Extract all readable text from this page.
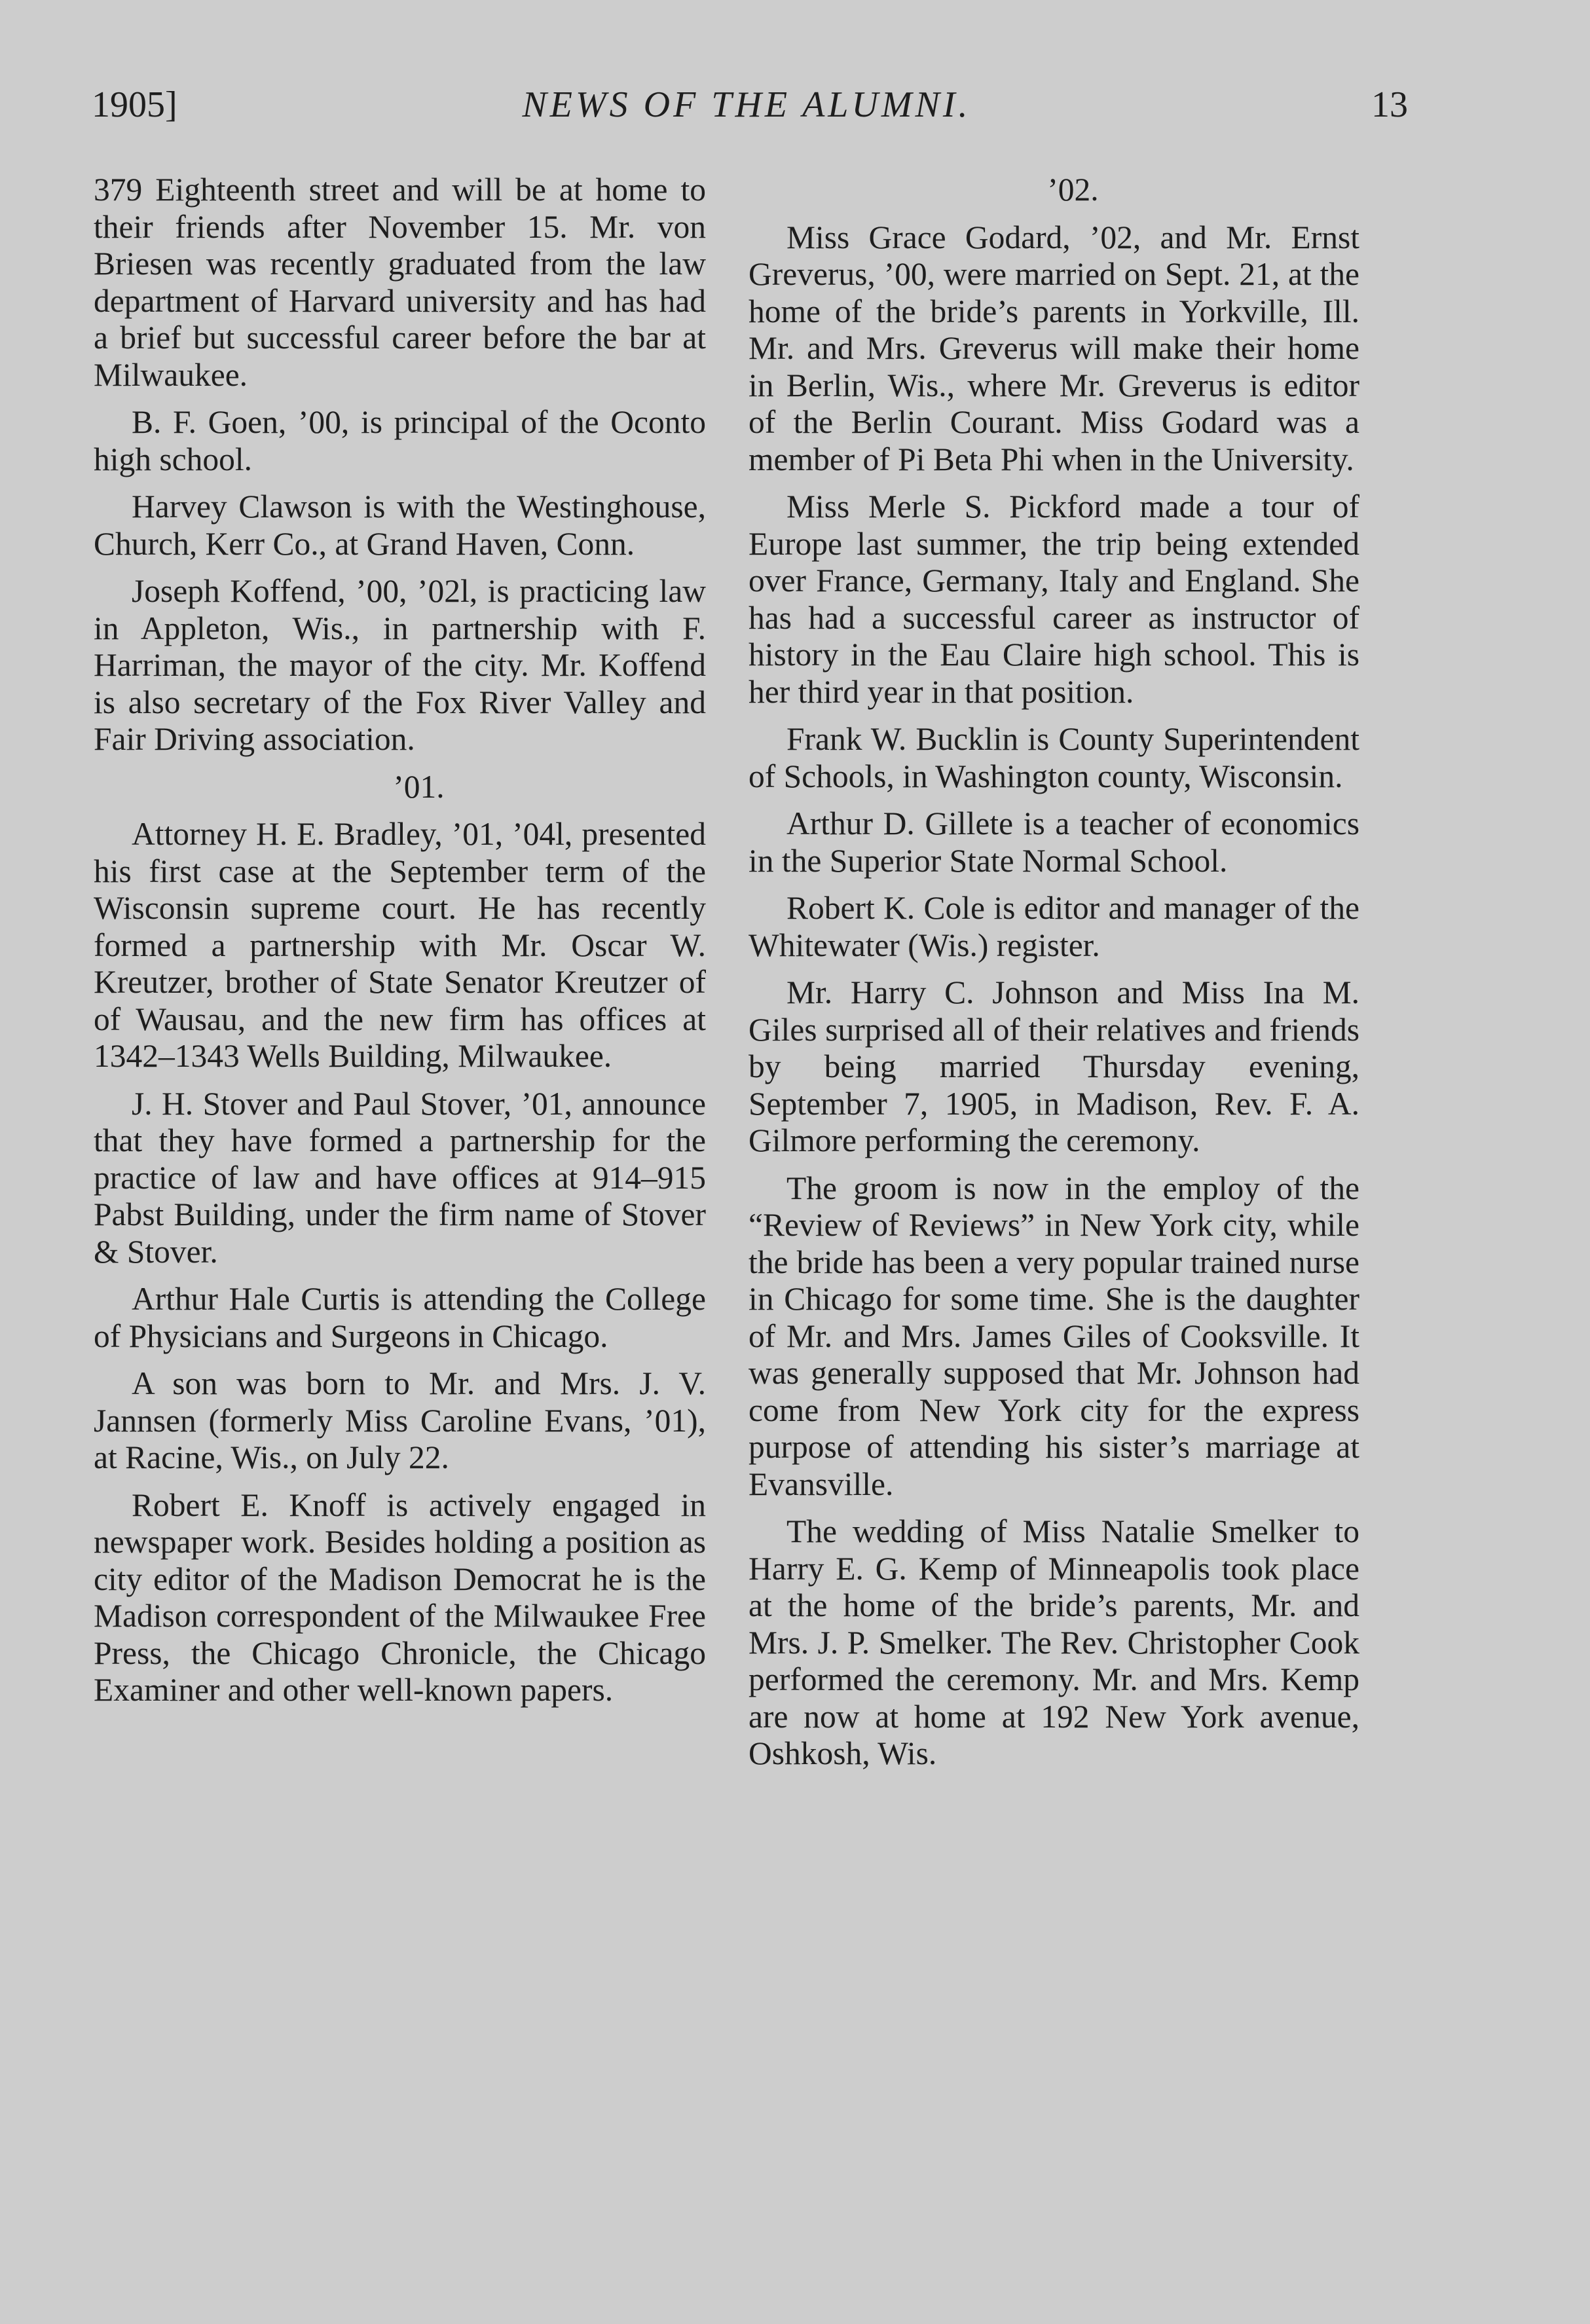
1905]	NEWS OF THE ALUMNI.	13

379 Eighteenth street and will be at home to their friends after November 15. Mr. von Briesen was recently graduated from the law department of Harvard university and has had a brief but successful career before the bar at Milwaukee.

B. F. Goen, ’00, is principal of the Oconto high school.

Harvey Clawson is with the Westinghouse, Church, Kerr Co., at Grand Haven, Conn.

Joseph Koffend, ’00, ’02l, is practicing law in Appleton, Wis., in partnership with F. Harriman, the mayor of the city. Mr. Koffend is also secretary of the Fox River Valley and Fair Driving association.

’01.

Attorney H. E. Bradley, ’01, ’04l, presented his first case at the September term of the Wisconsin supreme court. He has recently formed a partnership with Mr. Oscar W. Kreutzer, brother of State Senator Kreutzer of of Wausau, and the new firm has offices at 1342–1343 Wells Building, Milwaukee.

J. H. Stover and Paul Stover, ’01, announce that they have formed a partnership for the practice of law and have offices at 914–915 Pabst Building, under the firm name of Stover & Stover.

Arthur Hale Curtis is attending the College of Physicians and Surgeons in Chicago.

A son was born to Mr. and Mrs. J. V. Jannsen (formerly Miss Caroline Evans, ’01), at Racine, Wis., on July 22.

Robert E. Knoff is actively engaged in newspaper work. Besides holding a position as city editor of the Madison Democrat he is the Madison correspondent of the Milwaukee Free Press, the Chicago Chronicle, the Chicago Examiner and other well-known papers.

’02.

Miss Grace Godard, ’02, and Mr. Ernst Greverus, ’00, were married on Sept. 21, at the home of the bride’s parents in Yorkville, Ill. Mr. and Mrs. Greverus will make their home in Berlin, Wis., where Mr. Greverus is editor of the Berlin Courant. Miss Godard was a member of Pi Beta Phi when in the University.

Miss Merle S. Pickford made a tour of Europe last summer, the trip being extended over France, Germany, Italy and England. She has had a successful career as instructor of history in the Eau Claire high school. This is her third year in that position.

Frank W. Bucklin is County Superintendent of Schools, in Washington county, Wisconsin.

Arthur D. Gillete is a teacher of economics in the Superior State Normal School.

Robert K. Cole is editor and manager of the Whitewater (Wis.) register.

Mr. Harry C. Johnson and Miss Ina M. Giles surprised all of their relatives and friends by being married Thursday evening, September 7, 1905, in Madison, Rev. F. A. Gilmore performing the ceremony.

The groom is now in the employ of the “Review of Reviews” in New York city, while the bride has been a very popular trained nurse in Chicago for some time. She is the daughter of Mr. and Mrs. James Giles of Cooksville. It was generally supposed that Mr. Johnson had come from New York city for the express purpose of attending his sister’s marriage at Evansville.

The wedding of Miss Natalie Smelker to Harry E. G. Kemp of Minneapolis took place at the home of the bride’s parents, Mr. and Mrs. J. P. Smelker. The Rev. Christopher Cook performed the ceremony. Mr. and Mrs. Kemp are now at home at 192 New York avenue, Oshkosh, Wis.
